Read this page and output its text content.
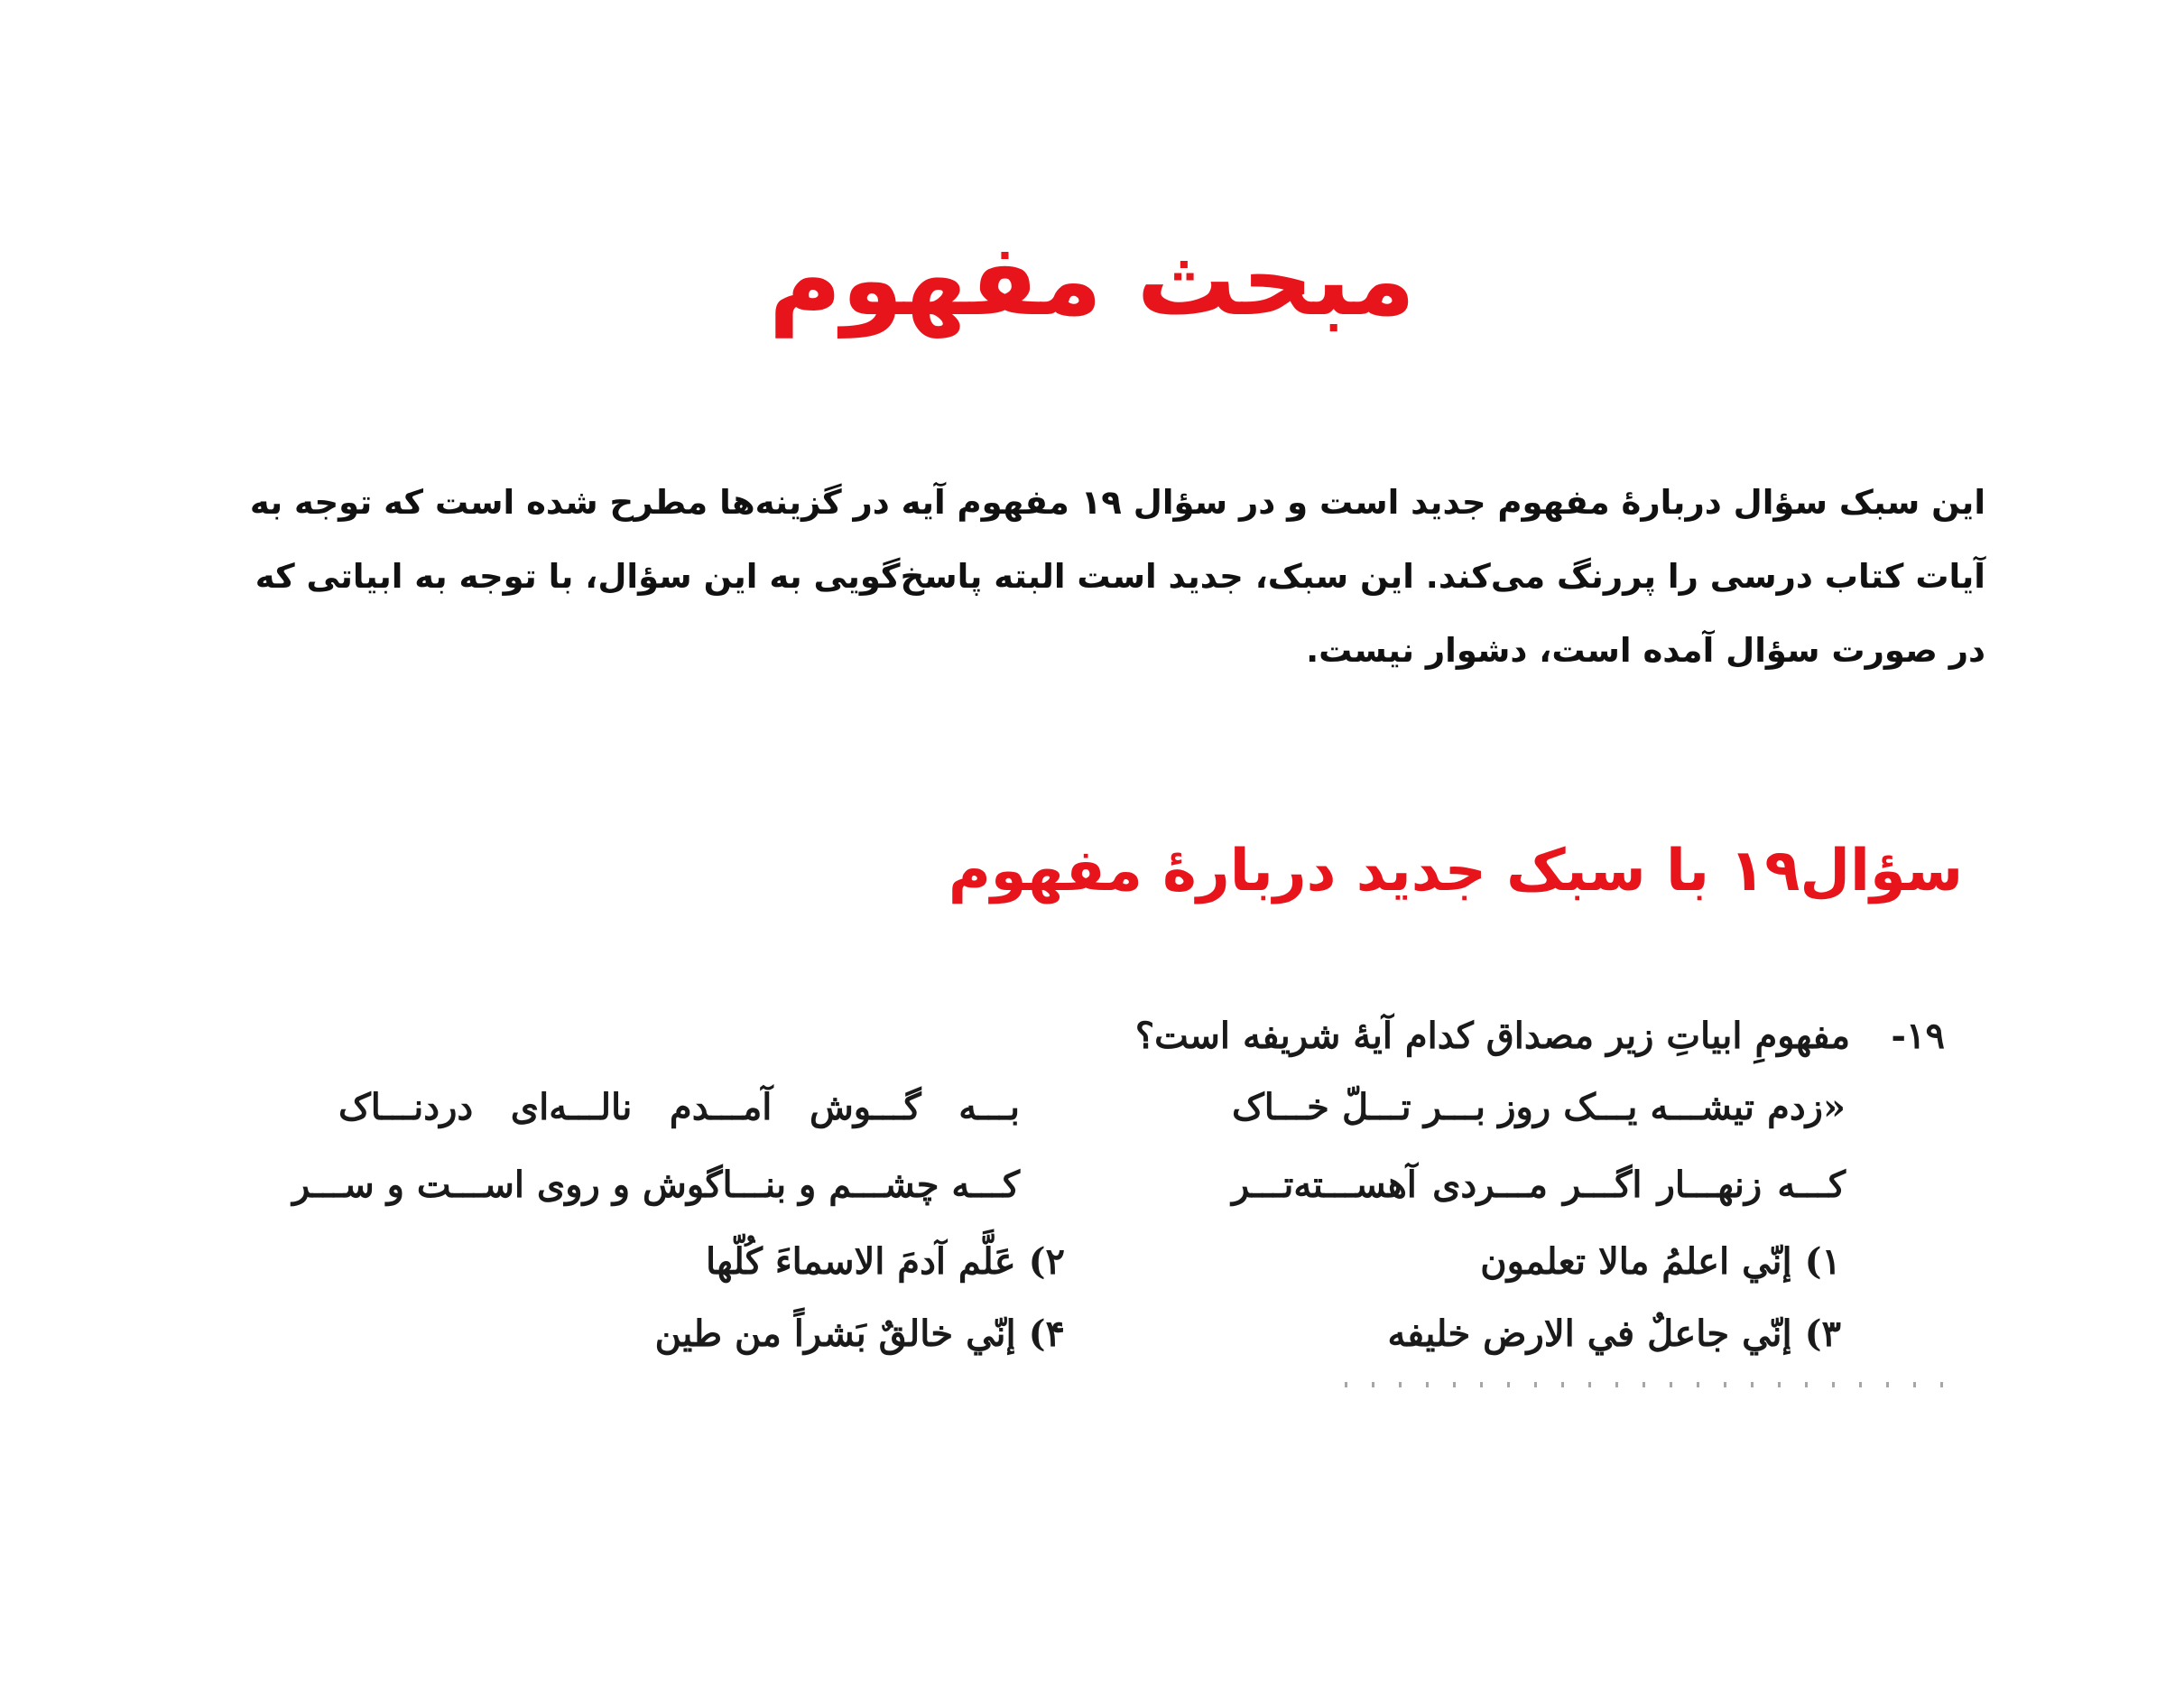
مبحث مفهوم
این سبک سؤال دربارۀ مفهوم جدید است و در سؤال ۱۹ مفهوم آیه در گزینه‌ها مطرح شده است که توجه به
آیات کتاب درسی را پررنگ می‌کند. این سبک، جدید است البته پاسخ‌گویی به این سؤال، با توجه به ابیاتی که
در صورت سؤال آمده است، دشوار نیست.
سؤال۱۹ با سبک جدید دربارۀ مفهوم
۱۹-
مفهومِ ابیاتِ زیر مصداق کدام آیۀ شریفه است؟
«زدم تیشـــه یـــک روز بـــر تـــلّ خـــاک
بـــه گـــوش آمـــدم نالـــه‌ای دردنـــاک
کـــه زنهـــار اگـــر مـــردی آهســـته‌تـــر
کـــه چشـــم و بنـــاگوش و روی اســـت و ســـر
۱) إنّي اعلمُ مالا تعلمون
۲) عَلَّم آدمَ الاسماءَ كُلّها
۳) إنّي جاعلٌ في الارض خليفه
۴) إنّي خالقٌ بَشراً من طين
